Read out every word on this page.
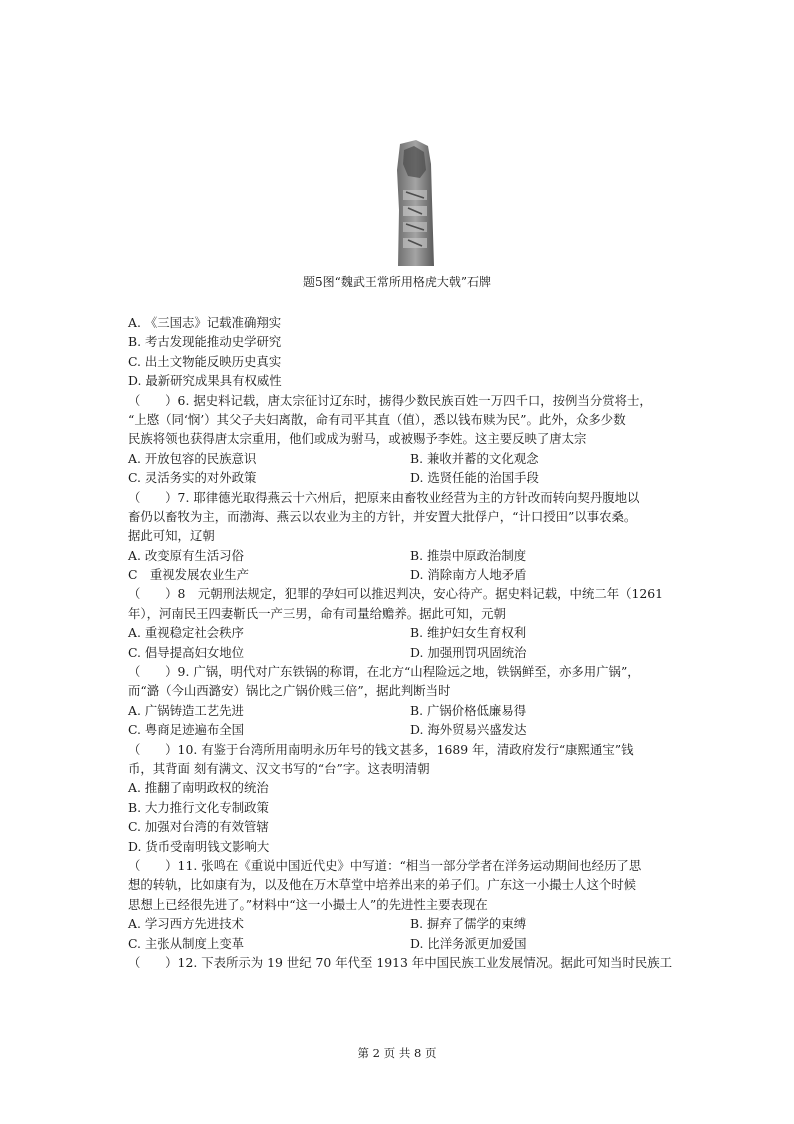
题5图“魏武王常所用格虎大戟”石牌
A. 《三国志》记载准确翔实
B. 考古发现能推动史学研究
C. 出土文物能反映历史真实
D. 最新研究成果具有权威性
（　　）6. 据史料记载，唐太宗征讨辽东时，掳得少数民族百姓一万四千口，按例当分赏将士，
“上愍（同‘悯’）其父子夫妇离散，命有司平其直（值），悉以钱布赎为民”。此外，众多少数
民族将领也获得唐太宗重用，他们或成为驸马，或被赐予李姓。这主要反映了唐太宗
A. 开放包容的民族意识	B. 兼收并蓄的文化观念
C. 灵活务实的对外政策	D. 选贤任能的治国手段
（　　）7. 耶律德光取得燕云十六州后，把原来由畜牧业经营为主的方针改而转向契丹腹地以
畜仍以畜牧为主，而渤海、燕云以农业为主的方针，并安置大批俘户，“计口授田”以事农桑。
据此可知，辽朝
A. 改变原有生活习俗	B. 推崇中原政治制度
C　重视发展农业生产	D. 消除南方人地矛盾
（　　）8　元朝刑法规定，犯罪的孕妇可以推迟判决，安心待产。据史料记载，中统二年（1261
年），河南民王四妻靳氏一产三男，命有司量给赡养。据此可知，元朝
A. 重视稳定社会秩序	B. 维护妇女生育权利
C. 倡导提高妇女地位	D. 加强刑罚巩固统治
（　　）9. 广锅，明代对广东铁锅的称谓，在北方“山程险远之地，铁锅鲜至，亦多用广锅”，
而“潞（今山西潞安）锅比之广锅价贱三倍”，据此判断当时
A. 广锅铸造工艺先进	B. 广锅价格低廉易得
C. 粤商足迹遍布全国	D. 海外贸易兴盛发达
（　　）10. 有鉴于台湾所用南明永历年号的钱文甚多，1689 年，清政府发行“康熙通宝”钱
币，其背面 刻有满文、汉文书写的“台”字。这表明清朝
A. 推翻了南明政权的统治
B. 大力推行文化专制政策
C. 加强对台湾的有效管辖
D. 货币受南明钱文影响大
（　　）11. 张鸣在《重说中国近代史》中写道：“相当一部分学者在洋务运动期间也经历了思
想的转轨，比如康有为，以及他在万木草堂中培养出来的弟子们。广东这一小撮士人这个时候
思想上已经很先进了。”材料中“这一小撮士人”的先进性主要表现在
A. 学习西方先进技术	B. 摒弃了儒学的束缚
C. 主张从制度上变革	D. 比洋务派更加爱国
（　　）12. 下表所示为 19 世纪 70 年代至 1913 年中国民族工业发展情况。据此可知当时民族工
第 2 页 共 8 页
